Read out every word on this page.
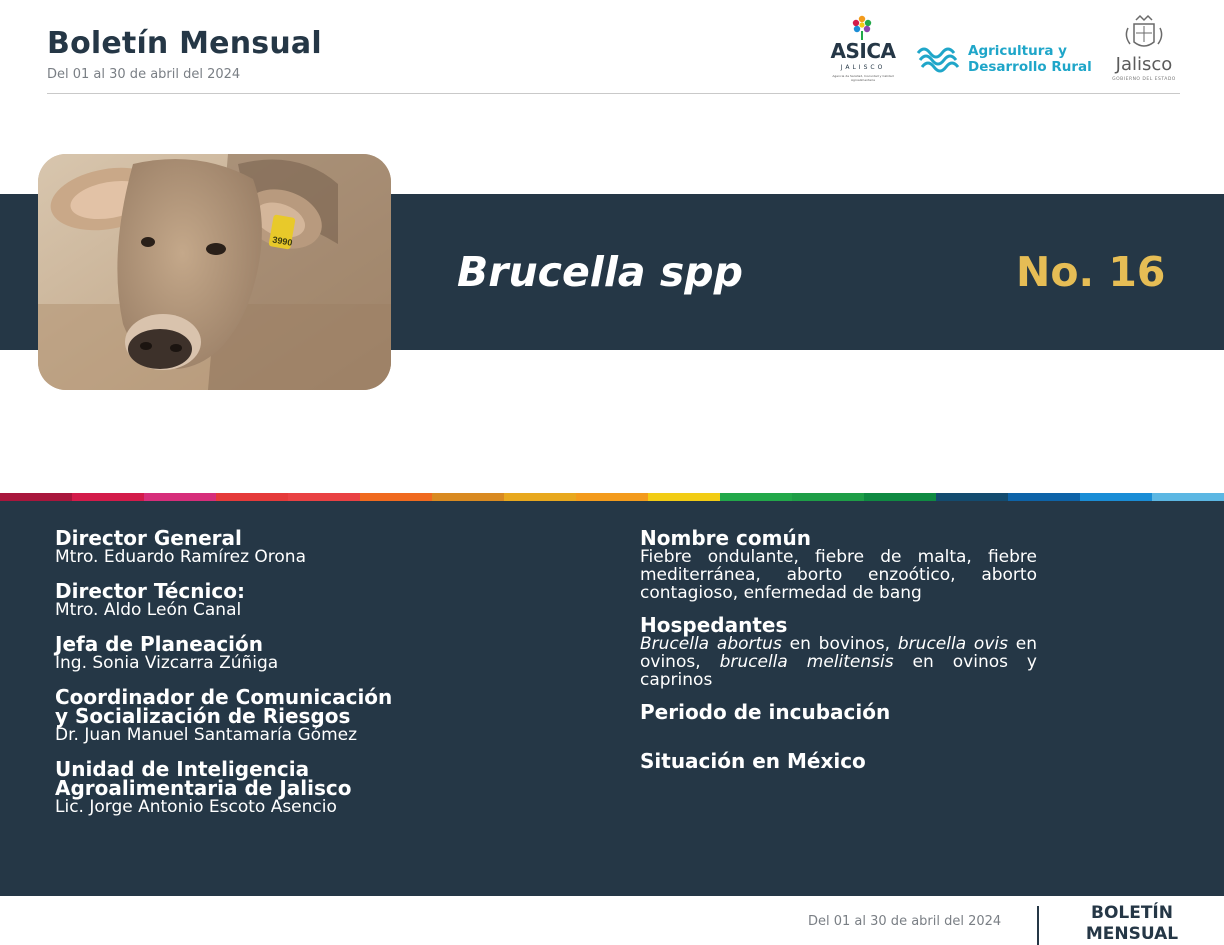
Boletín Mensual
Del 01 al 30 de abril del 2024
ASICA
JALISCO
Agencia de Sanidad, Inocuidad y Calidad Agroalimentaria
Agricultura y
Desarrollo Rural	Jalisco
GOBIERNO DEL ESTADO
Brucella spp	No. 16
3990
Director General
Mtro. Eduardo Ramírez Orona
Director Técnico:
Mtro. Aldo León Canal
Jefa de Planeación
Ing. Sonia Vizcarra Zúñiga
Coordinador de Comunicación
y Socialización de Riesgos
Dr. Juan Manuel Santamaría Gómez
Unidad de Inteligencia
Agroalimentaria de Jalisco
Lic. Jorge Antonio Escoto Asencio
Nombre común
Fiebre ondulante, fiebre de malta, fiebre mediterránea, aborto enzoótico, aborto contagioso, enfermedad de bang
Hospedantes
Brucella abortus en bovinos, brucella ovis en ovinos, brucella melitensis en ovinos y caprinos
Periodo de incubación
Situación en México
Del 01 al 30 de abril del 2024	BOLETÍN
MENSUAL
